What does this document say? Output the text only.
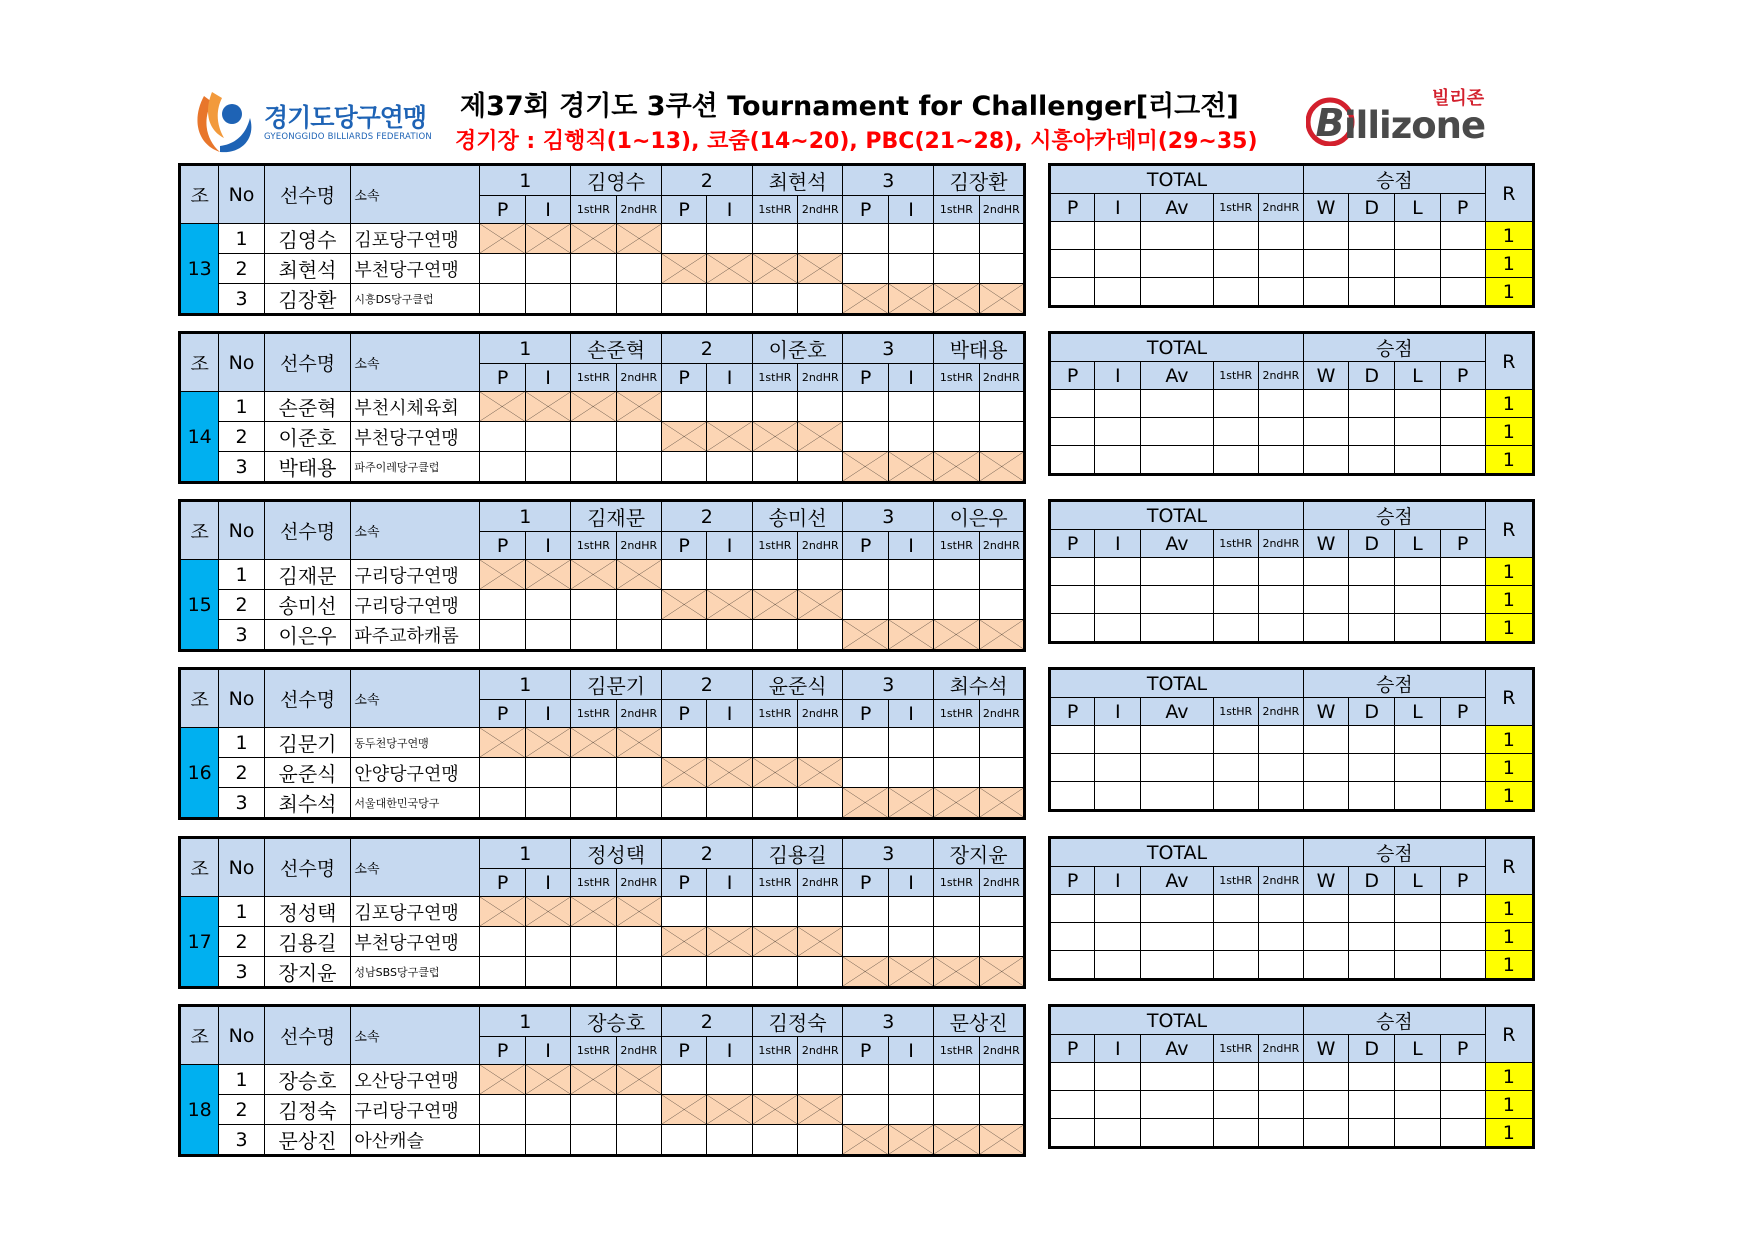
경기도당구연맹
GYEONGGIDO BILLIARDS FEDERATION
제37회 경기도 3쿠션 Tournament for Challenger[리그전]
경기장 : 김행직(1~13), 코줌(14~20), PBC(21~28), 시흥아카데미(29~35)
빌리존
B illizone
조	No	선수명	소속	1		김영수		2		최현석		3		김장환	
				P	I	1stHR	2ndHR	P	I	1stHR	2ndHR	P	I	1stHR	2ndHR
13	1	김영수	김포당구연맹	

	2	최현석	부천당구연맹					

	3	김장환	시흥DS당구클럽									

TOTAL					승점				R
P	I	Av	1stHR	2ndHR	W	D	L	P	
									1
									1
									1
조	No	선수명	소속	1		손준혁		2		이준호		3		박태용	
				P	I	1stHR	2ndHR	P	I	1stHR	2ndHR	P	I	1stHR	2ndHR
14	1	손준혁	부천시체육회	

	2	이준호	부천당구연맹					

	3	박태용	파주이레당구클럽									

TOTAL					승점				R
P	I	Av	1stHR	2ndHR	W	D	L	P	
									1
									1
									1
조	No	선수명	소속	1		김재문		2		송미선		3		이은우	
				P	I	1stHR	2ndHR	P	I	1stHR	2ndHR	P	I	1stHR	2ndHR
15	1	김재문	구리당구연맹	

	2	송미선	구리당구연맹					

	3	이은우	파주교하캐롬									

TOTAL					승점				R
P	I	Av	1stHR	2ndHR	W	D	L	P	
									1
									1
									1
조	No	선수명	소속	1		김문기		2		윤준식		3		최수석	
				P	I	1stHR	2ndHR	P	I	1stHR	2ndHR	P	I	1stHR	2ndHR
16	1	김문기	동두천당구연맹	

	2	윤준식	안양당구연맹					

	3	최수석	서울대한민국당구									

TOTAL					승점				R
P	I	Av	1stHR	2ndHR	W	D	L	P	
									1
									1
									1
조	No	선수명	소속	1		정성택		2		김용길		3		장지윤	
				P	I	1stHR	2ndHR	P	I	1stHR	2ndHR	P	I	1stHR	2ndHR
17	1	정성택	김포당구연맹	

	2	김용길	부천당구연맹					

	3	장지윤	성남SBS당구클럽									

TOTAL					승점				R
P	I	Av	1stHR	2ndHR	W	D	L	P	
									1
									1
									1
조	No	선수명	소속	1		장승호		2		김정숙		3		문상진	
				P	I	1stHR	2ndHR	P	I	1stHR	2ndHR	P	I	1stHR	2ndHR
18	1	장승호	오산당구연맹	

	2	김정숙	구리당구연맹					

	3	문상진	아산캐슬									

TOTAL					승점				R
P	I	Av	1stHR	2ndHR	W	D	L	P	
									1
									1
									1
